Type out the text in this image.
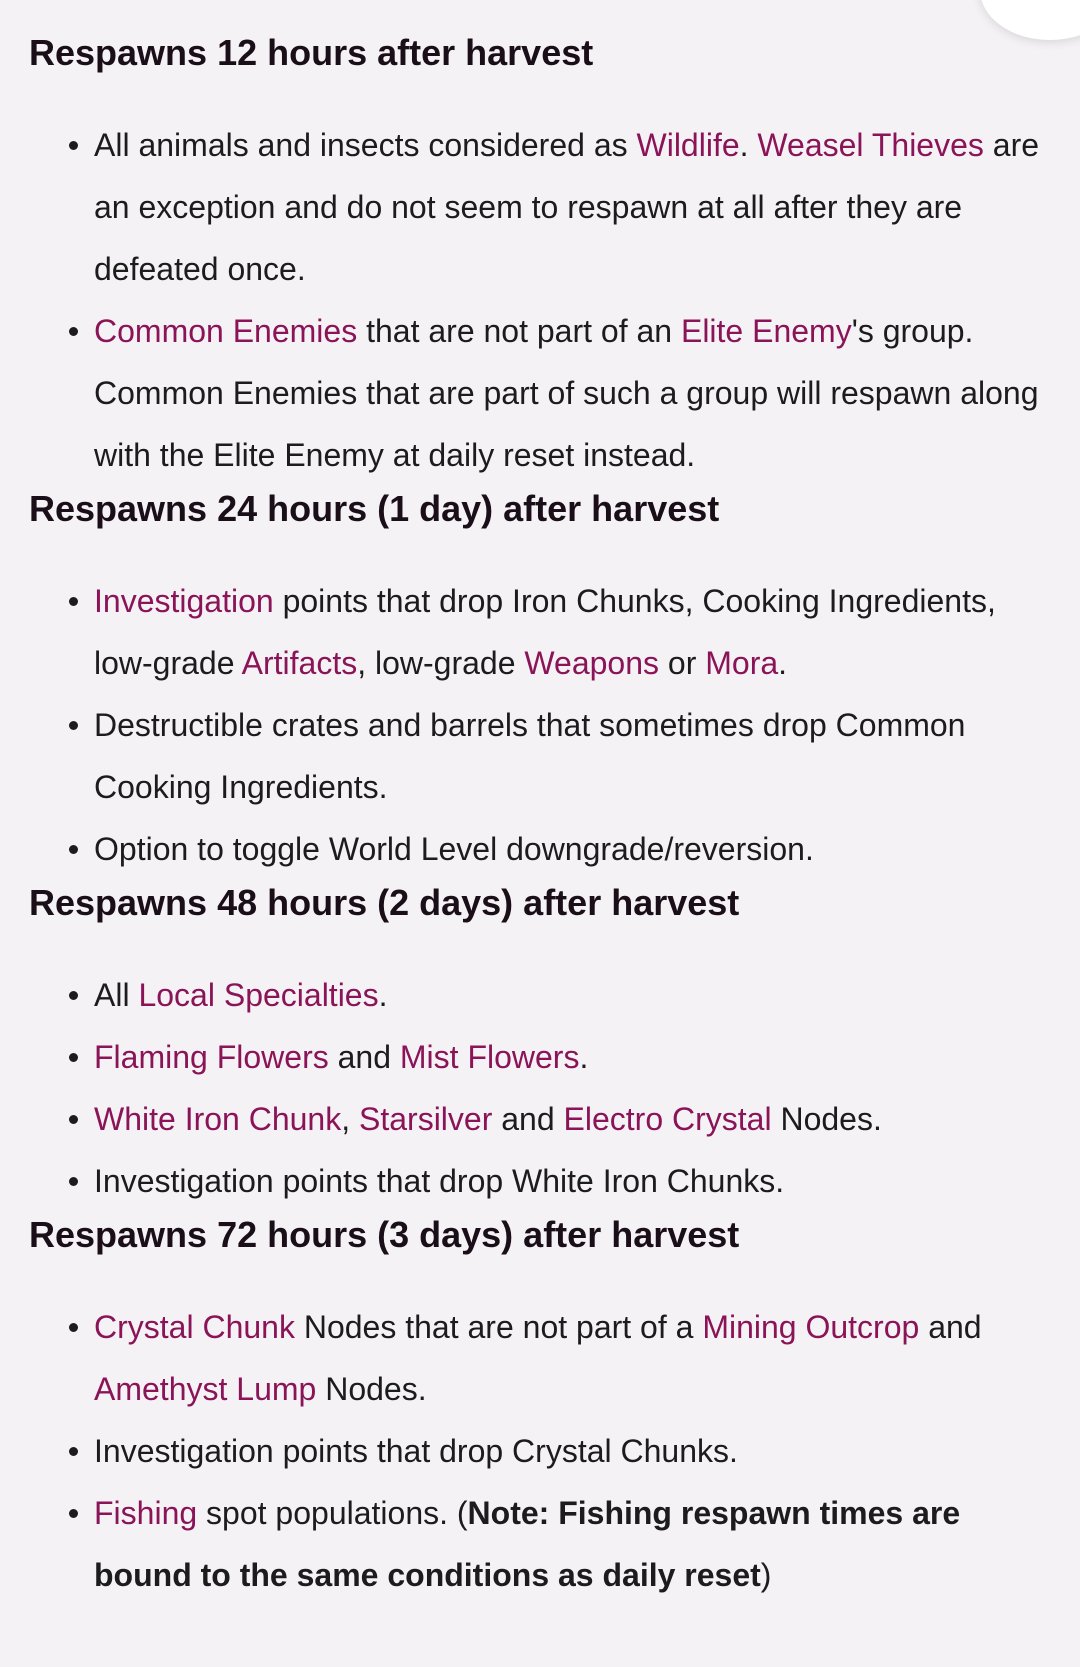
Respawns 12 hours after harvest
All animals and insects considered as Wildlife. Weasel Thieves are an exception and do not seem to respawn at all after they are defeated once.
Common Enemies that are not part of an Elite Enemy's group. Common Enemies that are part of such a group will respawn along with the Elite Enemy at daily reset instead.
Respawns 24 hours (1 day) after harvest
Investigation points that drop Iron Chunks, Cooking Ingredients, low-grade Artifacts, low-grade Weapons or Mora.
Destructible crates and barrels that sometimes drop Common Cooking Ingredients.
Option to toggle World Level downgrade/reversion.
Respawns 48 hours (2 days) after harvest
All Local Specialties.
Flaming Flowers and Mist Flowers.
White Iron Chunk, Starsilver and Electro Crystal Nodes.
Investigation points that drop White Iron Chunks.
Respawns 72 hours (3 days) after harvest
Crystal Chunk Nodes that are not part of a Mining Outcrop and Amethyst Lump Nodes.
Investigation points that drop Crystal Chunks.
Fishing spot populations. (Note: Fishing respawn times are bound to the same conditions as daily reset)
